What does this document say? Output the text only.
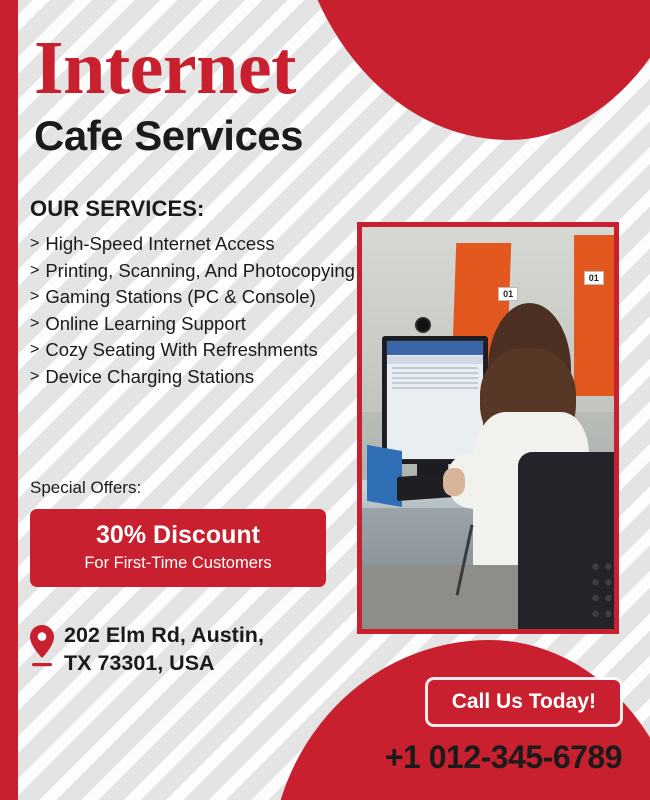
Internet
Cafe Services
OUR SERVICES:
> High-Speed Internet Access
> Printing, Scanning, And Photocopying
> Gaming Stations (PC & Console)
> Online Learning Support
> Cozy Seating With Refreshments
> Device Charging Stations
Special Offers:
30% Discount
For First-Time Customers
202 Elm Rd, Austin,
TX 73301, USA
01
01
Call Us Today!
+1 012-345-6789
